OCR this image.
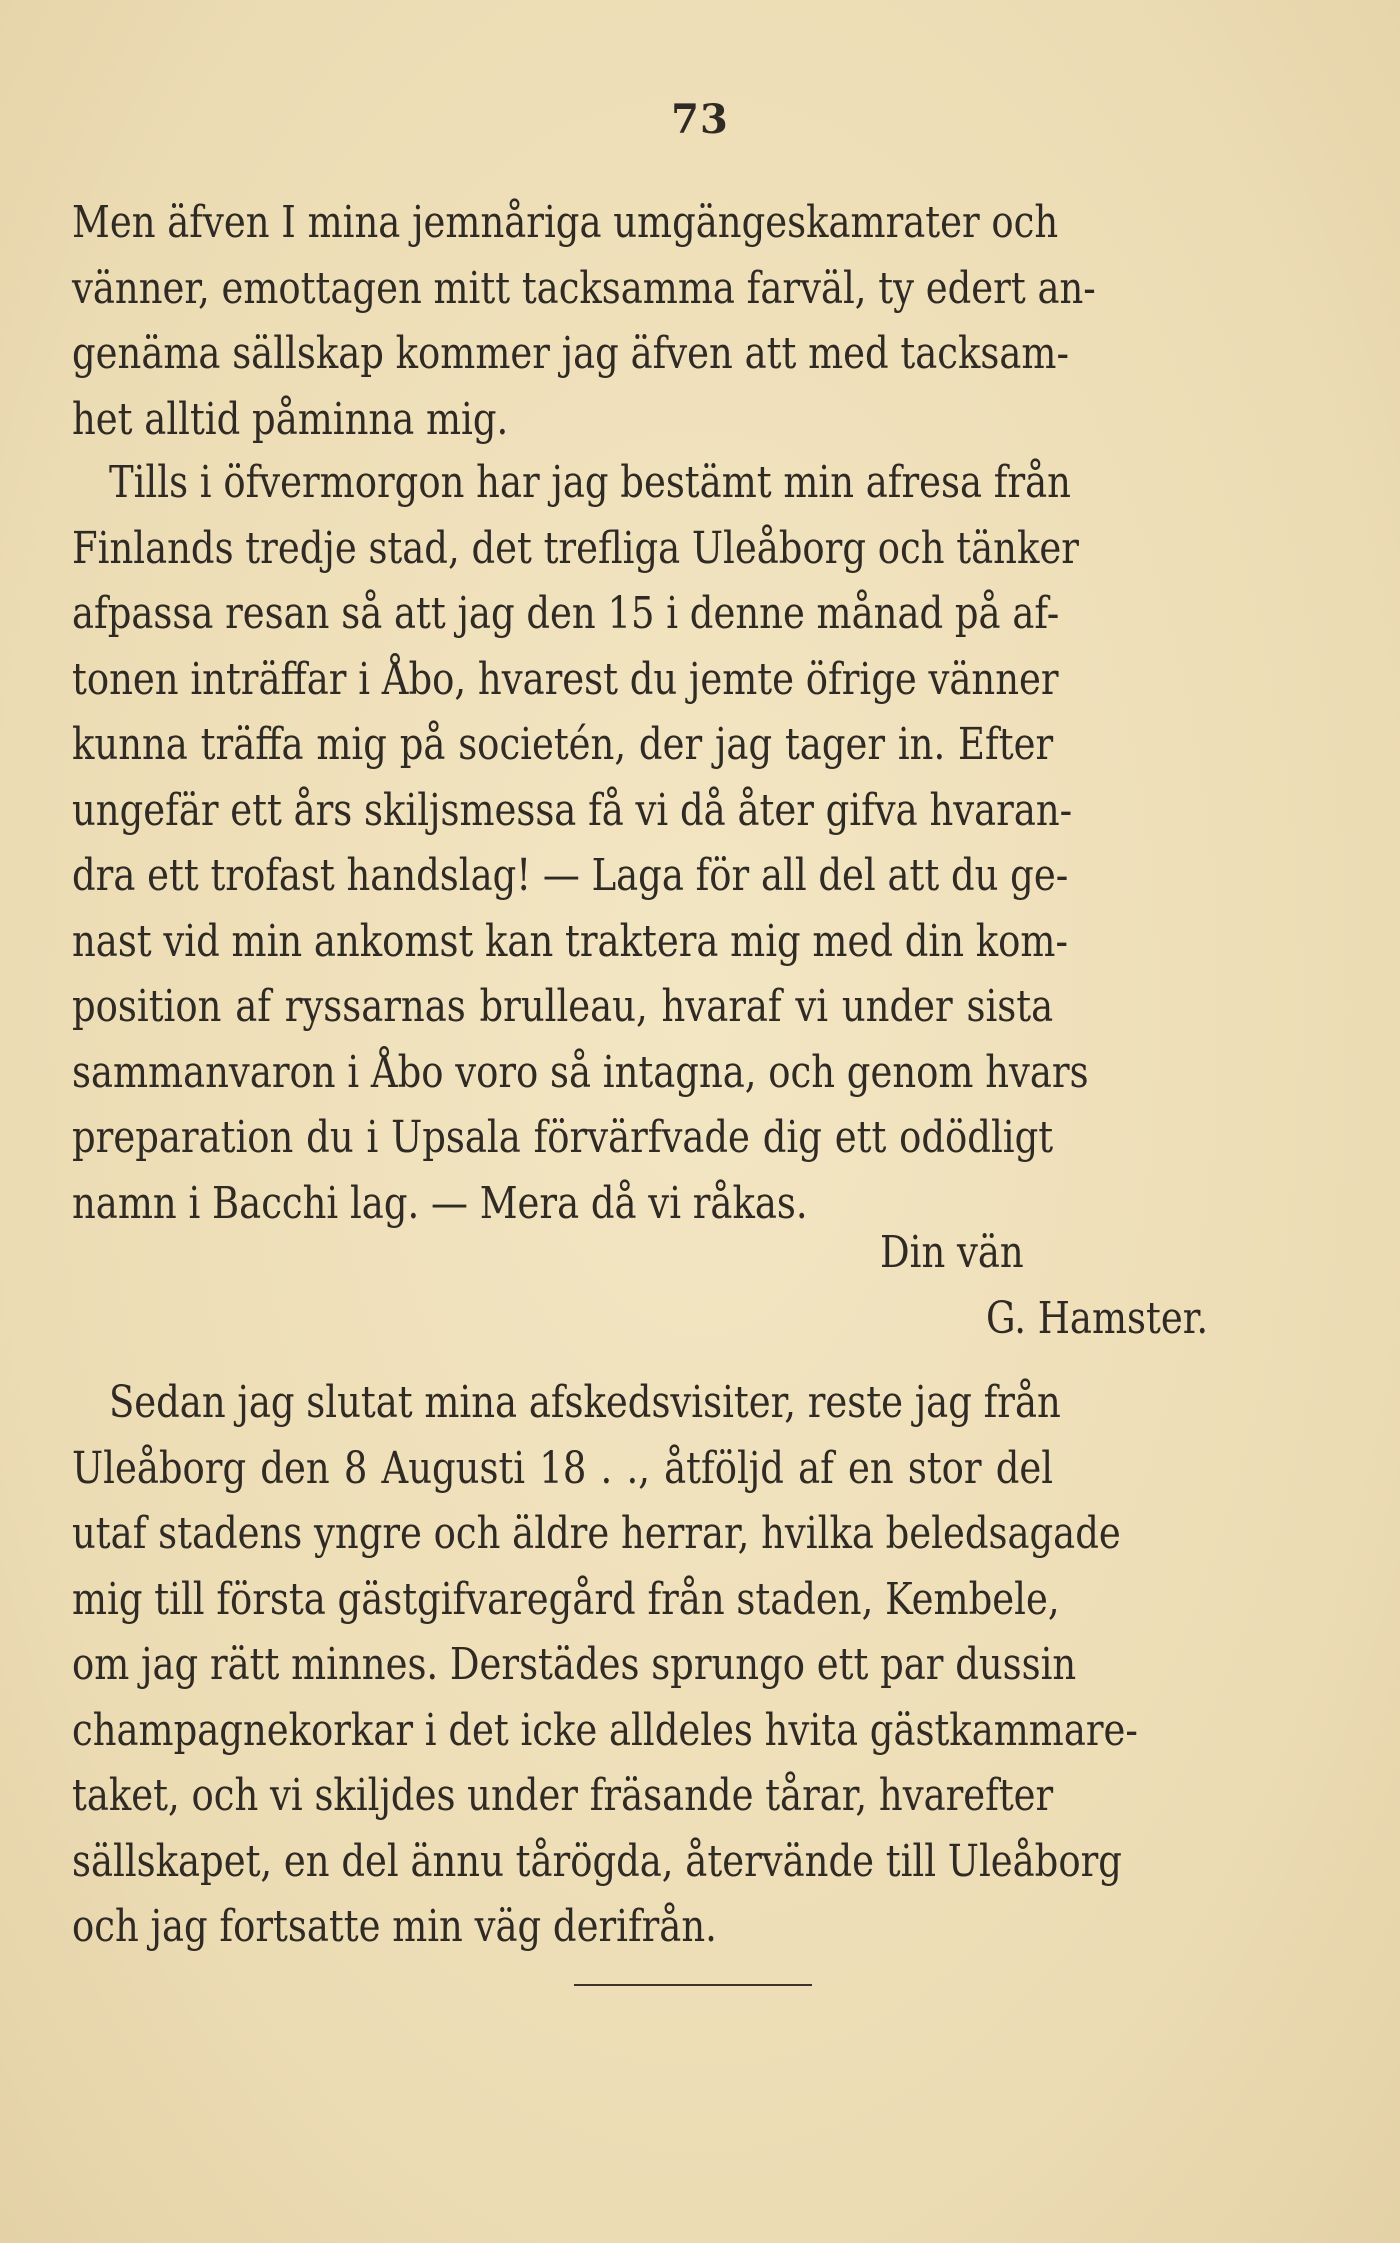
73
Men äfven I mina jemnåriga umgängeskamrater och
vänner, emottagen mitt tacksamma farväl, ty edert an-
genäma sällskap kommer jag äfven att med tacksam-
het alltid påminna mig.
Tills i öfvermorgon har jag bestämt min afresa från
Finlands tredje stad, det trefliga Uleåborg och tänker
afpassa resan så att jag den 15 i denne månad på af-
tonen inträffar i Åbo, hvarest du jemte öfrige vänner
kunna träffa mig på societén, der jag tager in. Efter
ungefär ett års skiljsmessa få vi då åter gifva hvaran-
dra ett trofast handslag! — Laga för all del att du ge-
nast vid min ankomst kan traktera mig med din kom-
position af ryssarnas brulleau, hvaraf vi under sista
sammanvaron i Åbo voro så intagna, och genom hvars
preparation du i Upsala förvärfvade dig ett odödligt
namn i Bacchi lag. — Mera då vi råkas.
Din vän
G. Hamster.
Sedan jag slutat mina afskedsvisiter, reste jag från
Uleåborg den 8 Augusti 18 . ., åtföljd af en stor del
utaf stadens yngre och äldre herrar, hvilka beledsagade
mig till första gästgifvaregård från staden, Kembele,
om jag rätt minnes. Derstädes sprungo ett par dussin
champagnekorkar i det icke alldeles hvita gästkammare-
taket, och vi skiljdes under fräsande tårar, hvarefter
sällskapet, en del ännu tårögda, återvände till Uleåborg
och jag fortsatte min väg derifrån.
